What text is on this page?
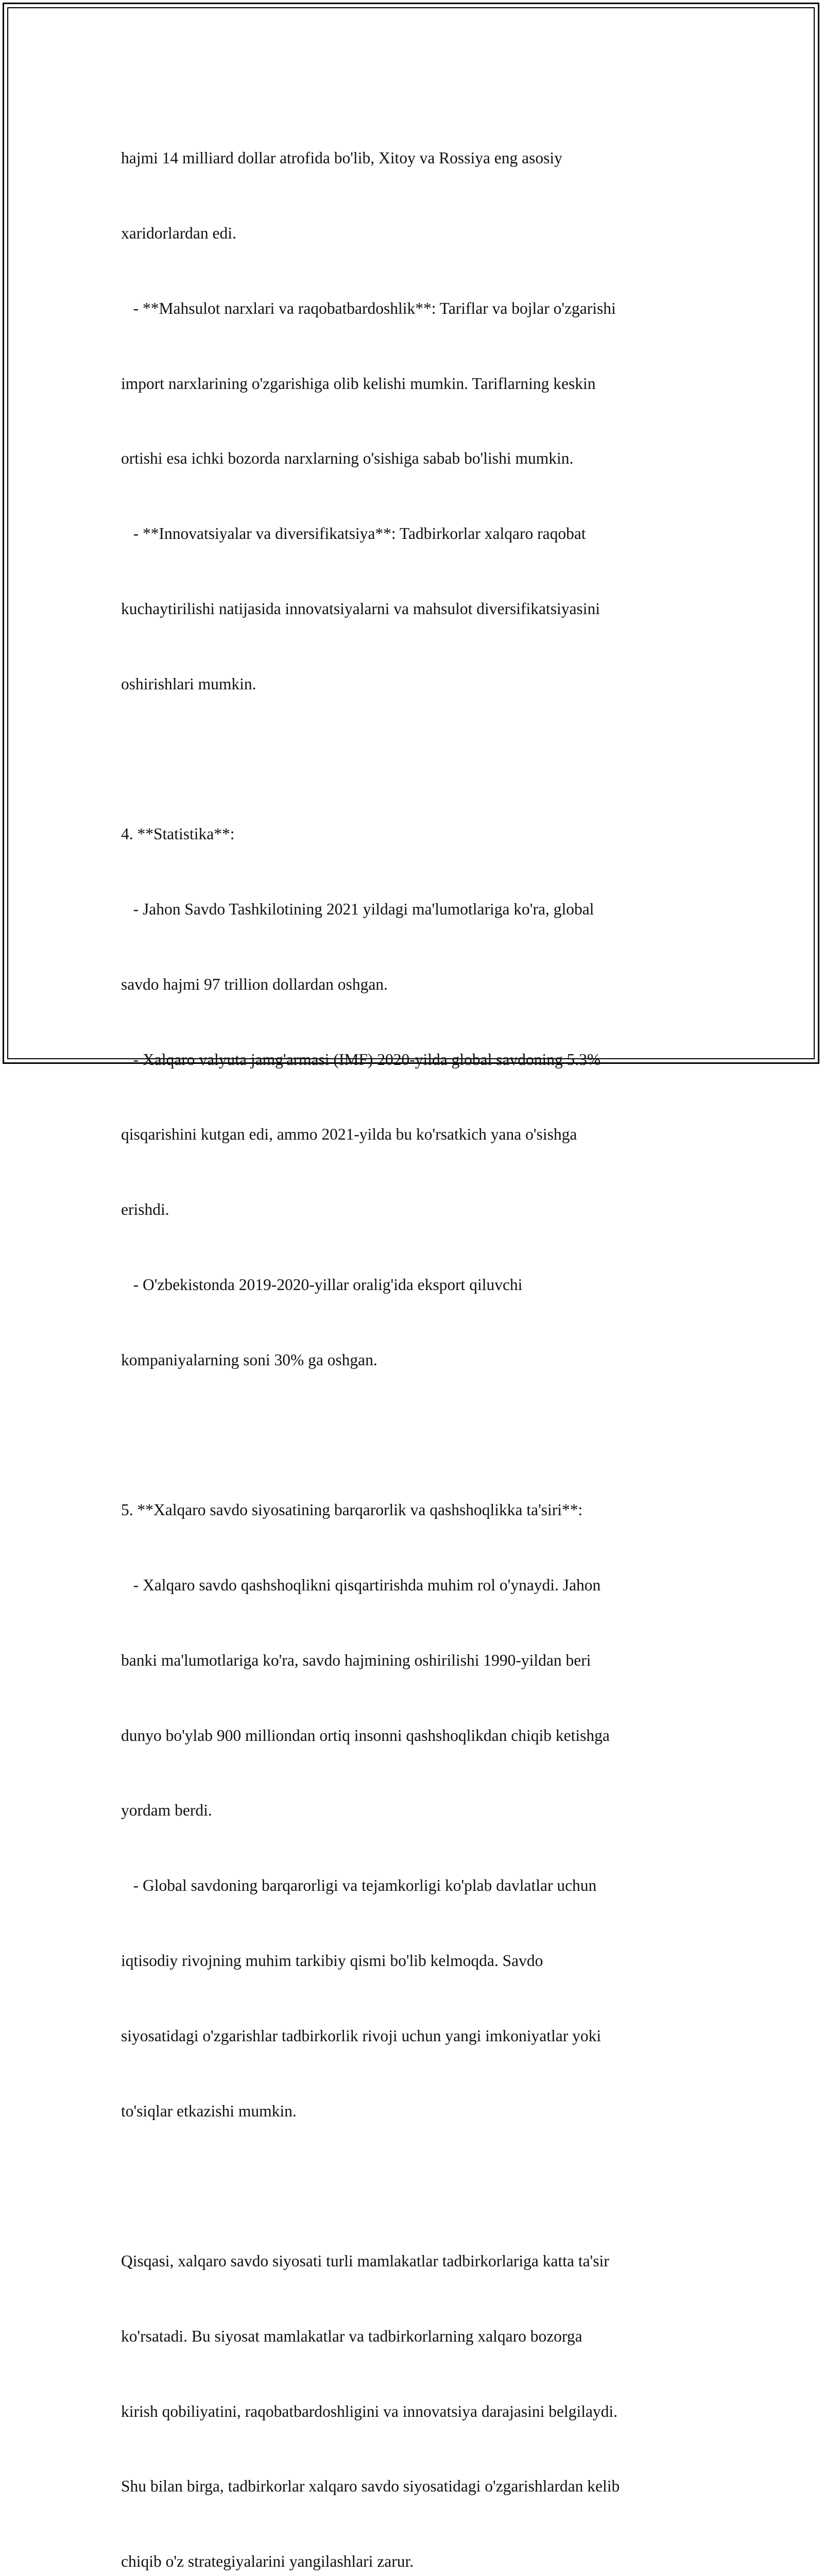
hajmi 14 milliard dollar atrofida bo'lib, Xitoy va Rossiya eng asosiy

xaridorlardan edi.

- **Mahsulot narxlari va raqobatbardoshlik**: Tariflar va bojlar o'zgarishi

import narxlarining o'zgarishiga olib kelishi mumkin. Tariflarning keskin

ortishi esa ichki bozorda narxlarning o'sishiga sabab bo'lishi mumkin.

- **Innovatsiyalar va diversifikatsiya**: Tadbirkorlar xalqaro raqobat

kuchaytirilishi natijasida innovatsiyalarni va mahsulot diversifikatsiyasini

oshirishlari mumkin.

4. **Statistika**:

- Jahon Savdo Tashkilotining 2021 yildagi ma'lumotlariga ko'ra, global

savdo hajmi 97 trillion dollardan oshgan.

- Xalqaro valyuta jamg'armasi (IMF) 2020-yilda global savdoning 5.3%

qisqarishini kutgan edi, ammo 2021-yilda bu ko'rsatkich yana o'sishga

erishdi.

- O'zbekistonda 2019-2020-yillar oralig'ida eksport qiluvchi

kompaniyalarning soni 30% ga oshgan.

5. **Xalqaro savdo siyosatining barqarorlik va qashshoqlikka ta'siri**:

- Xalqaro savdo qashshoqlikni qisqartirishda muhim rol o'ynaydi. Jahon

banki ma'lumotlariga ko'ra, savdo hajmining oshirilishi 1990-yildan beri

dunyo bo'ylab 900 milliondan ortiq insonni qashshoqlikdan chiqib ketishga

yordam berdi.

- Global savdoning barqarorligi va tejamkorligi ko'plab davlatlar uchun

iqtisodiy rivojning muhim tarkibiy qismi bo'lib kelmoqda. Savdo

siyosatidagi o'zgarishlar tadbirkorlik rivoji uchun yangi imkoniyatlar yoki

to'siqlar etkazishi mumkin.

Qisqasi, xalqaro savdo siyosati turli mamlakatlar tadbirkorlariga katta ta'sir

ko'rsatadi. Bu siyosat mamlakatlar va tadbirkorlarning xalqaro bozorga

kirish qobiliyatini, raqobatbardoshligini va innovatsiya darajasini belgilaydi.

Shu bilan birga, tadbirkorlar xalqaro savdo siyosatidagi o'zgarishlardan kelib

chiqib o'z strategiyalarini yangilashlari zarur.
